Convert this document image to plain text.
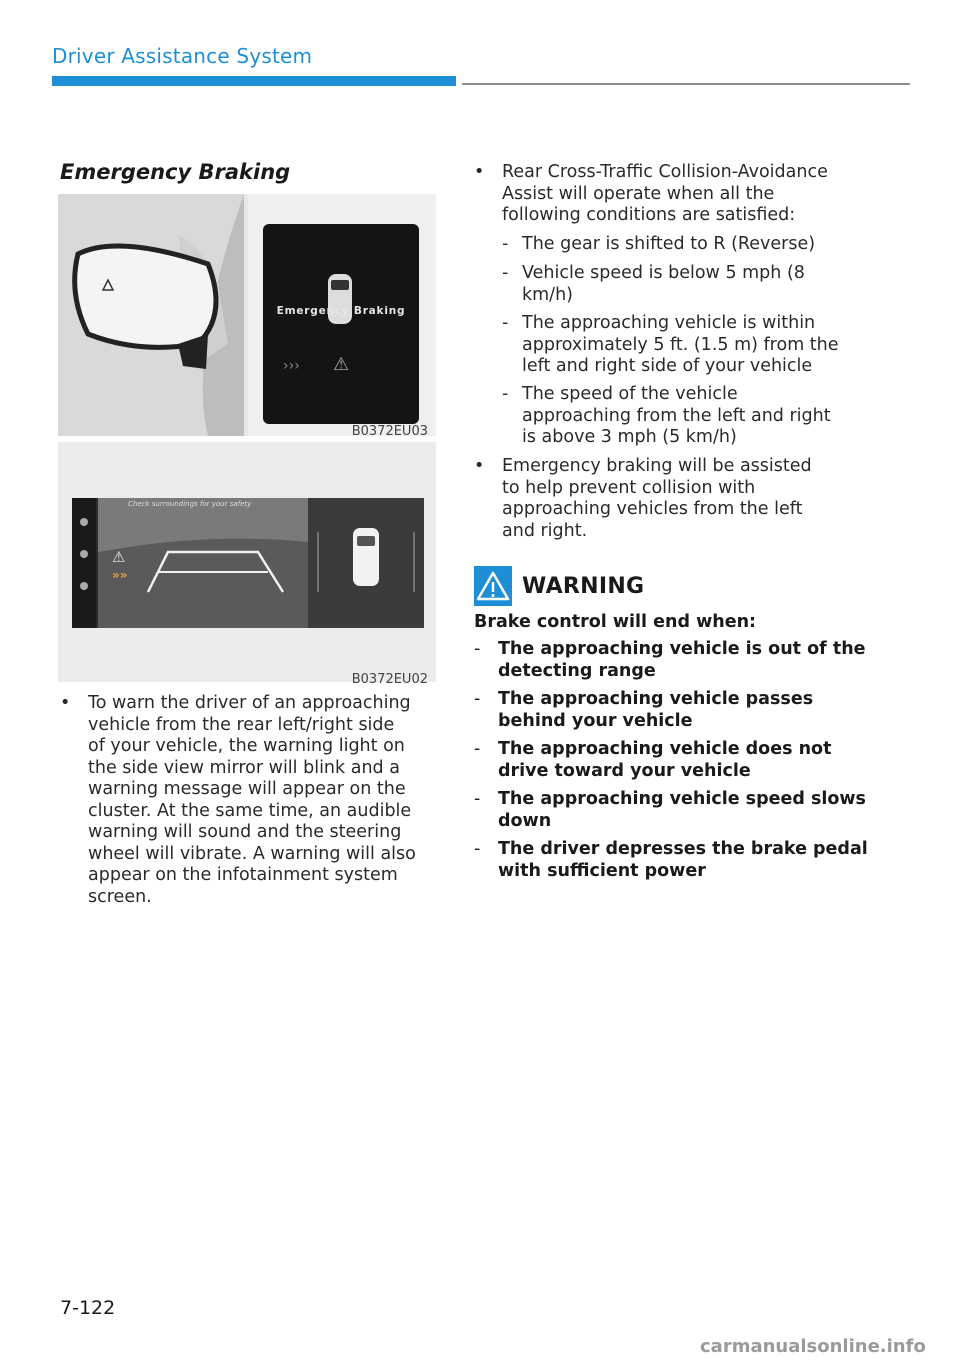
Driver Assistance System
Emergency Braking
Emergency Braking
››› ⚠
B0372EU03
Check surroundings for your safety
⚠
»»
B0372EU02
• To warn the driver of an approaching
vehicle from the rear left/right side
of your vehicle, the warning light on
the side view mirror will blink and a
warning message will appear on the
cluster. At the same time, an audible
warning will sound and the steering
wheel will vibrate. A warning will also
appear on the infotainment system
screen.
• Rear Cross-Traffic Collision-Avoidance
Assist will operate when all the
following conditions are satisfied:
- The gear is shifted to R (Reverse)
- Vehicle speed is below 5 mph (8
km/h)
- The approaching vehicle is within
approximately 5 ft. (1.5 m) from the
left and right side of your vehicle
- The speed of the vehicle
approaching from the left and right
is above 3 mph (5 km/h)
• Emergency braking will be assisted
to help prevent collision with
approaching vehicles from the left
and right.
WARNING
Brake control will end when:
- The approaching vehicle is out of the
detecting range
- The approaching vehicle passes
behind your vehicle
- The approaching vehicle does not
drive toward your vehicle
- The approaching vehicle speed slows
down
- The driver depresses the brake pedal
with sufficient power
7-122
carmanualsonline.info
